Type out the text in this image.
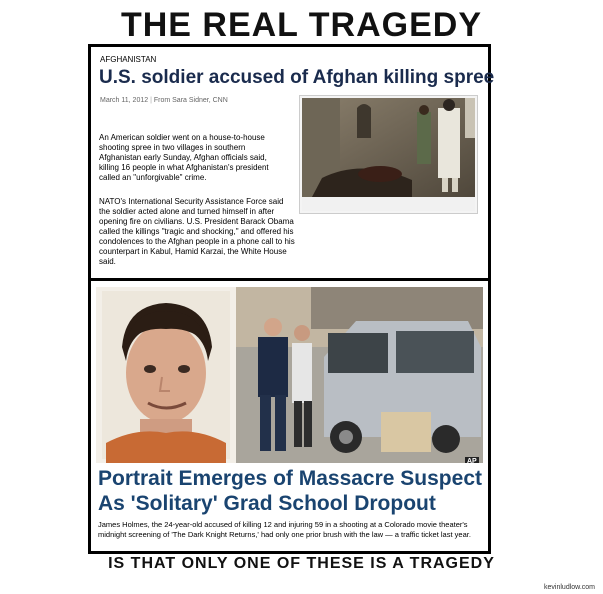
THE REAL TRAGEDY
AFGHANISTAN
U.S. soldier accused of Afghan killing spree
March 11, 2012 | From Sara Sidner, CNN
An American soldier went on a house-to-house shooting spree in two villages in southern Afghanistan early Sunday, Afghan officials said, killing 16 people in what Afghanistan's president called an "unforgivable" crime.
NATO's International Security Assistance Force said the soldier acted alone and turned himself in after opening fire on civilians. U.S. President Barack Obama called the killings "tragic and shocking," and offered his condolences to the Afghan people in a phone call to his counterpart in Kabul, Hamid Karzai, the White House said.
AP
Portrait Emerges of Massacre Suspect As 'Solitary' Grad School Dropout
James Holmes, the 24-year-old accused of killing 12 and injuring 59 in a shooting at a Colorado movie theater's midnight screening of 'The Dark Knight Returns,' had only one prior brush with the law — a traffic ticket last year.
IS THAT ONLY ONE OF THESE IS A TRAGEDY
kevinludlow.com
